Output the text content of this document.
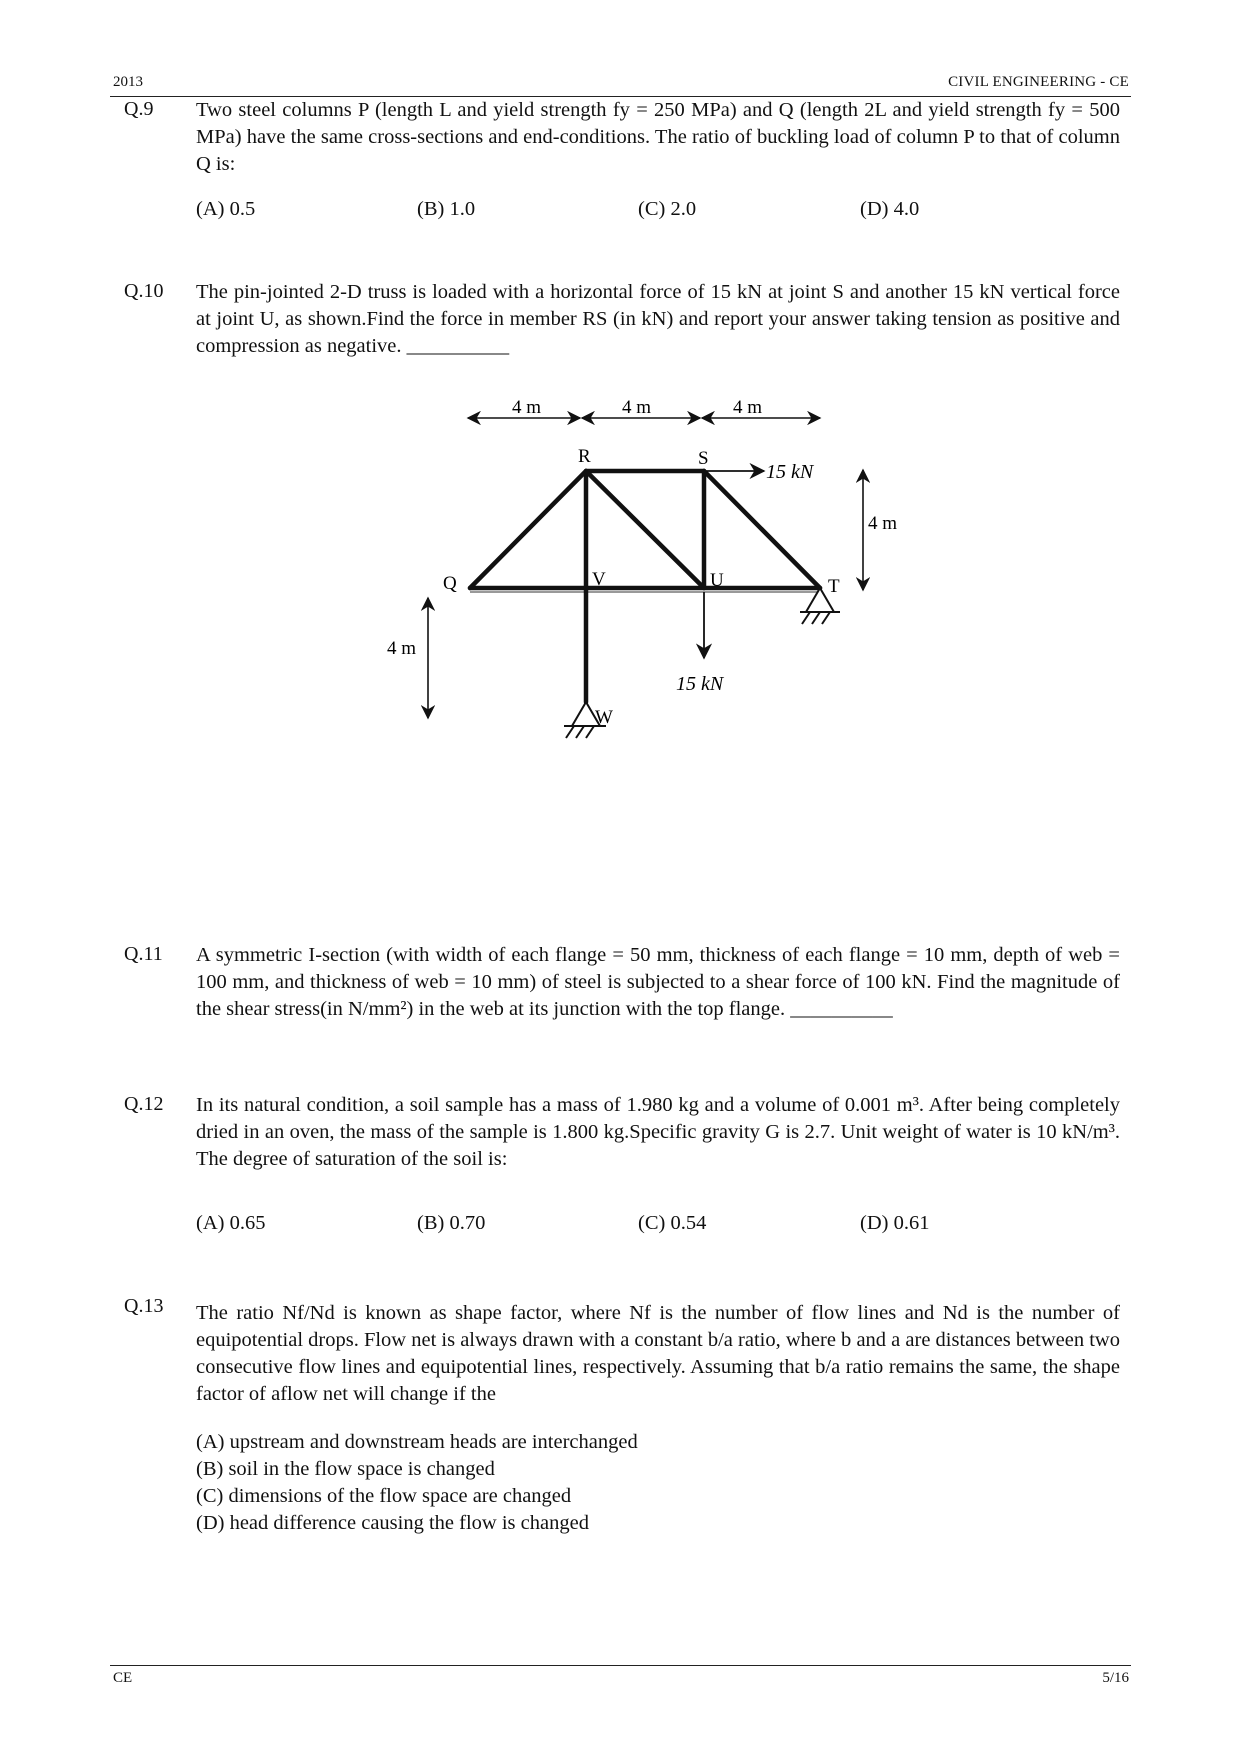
2013	CIVIL ENGINEERING - CE
Q.9 Two steel columns P (length L and yield strength fy = 250 MPa) and Q (length 2L and yield strength fy = 500 MPa) have the same cross-sections and end-conditions. The ratio of buckling load of column P to that of column Q is:
(A) 0.5	(B) 1.0	(C) 2.0	(D) 4.0
Q.10 The pin-jointed 2-D truss is loaded with a horizontal force of 15 kN at joint S and another 15 kN vertical force at joint U, as shown.Find the force in member RS (in kN) and report your answer taking tension as positive and compression as negative. __________
4 m	4 m	4 m
4 m
4 m
15 kN
15 kN
R	S
Q	V	U	T
W
Q.11 A symmetric I-section (with width of each flange = 50 mm, thickness of each flange = 10 mm, depth of web = 100 mm, and thickness of web = 10 mm) of steel is subjected to a shear force of 100 kN. Find the magnitude of the shear stress(in N/mm²) in the web at its junction with the top flange. __________
Q.12 In its natural condition, a soil sample has a mass of 1.980 kg and a volume of 0.001 m³. After being completely dried in an oven, the mass of the sample is 1.800 kg.Specific gravity G is 2.7. Unit weight of water is 10 kN/m³. The degree of saturation of the soil is:
(A) 0.65	(B) 0.70	(C) 0.54	(D) 0.61
Q.13 The ratio Nf/Nd is known as shape factor, where Nf is the number of flow lines and Nd is the number of equipotential drops. Flow net is always drawn with a constant b/a ratio, where b and a are distances between two consecutive flow lines and equipotential lines, respectively. Assuming that b/a ratio remains the same, the shape factor of aflow net will change if the
(A) upstream and downstream heads are interchanged
(B) soil in the flow space is changed
(C) dimensions of the flow space are changed
(D) head difference causing the flow is changed
CE	5/16
